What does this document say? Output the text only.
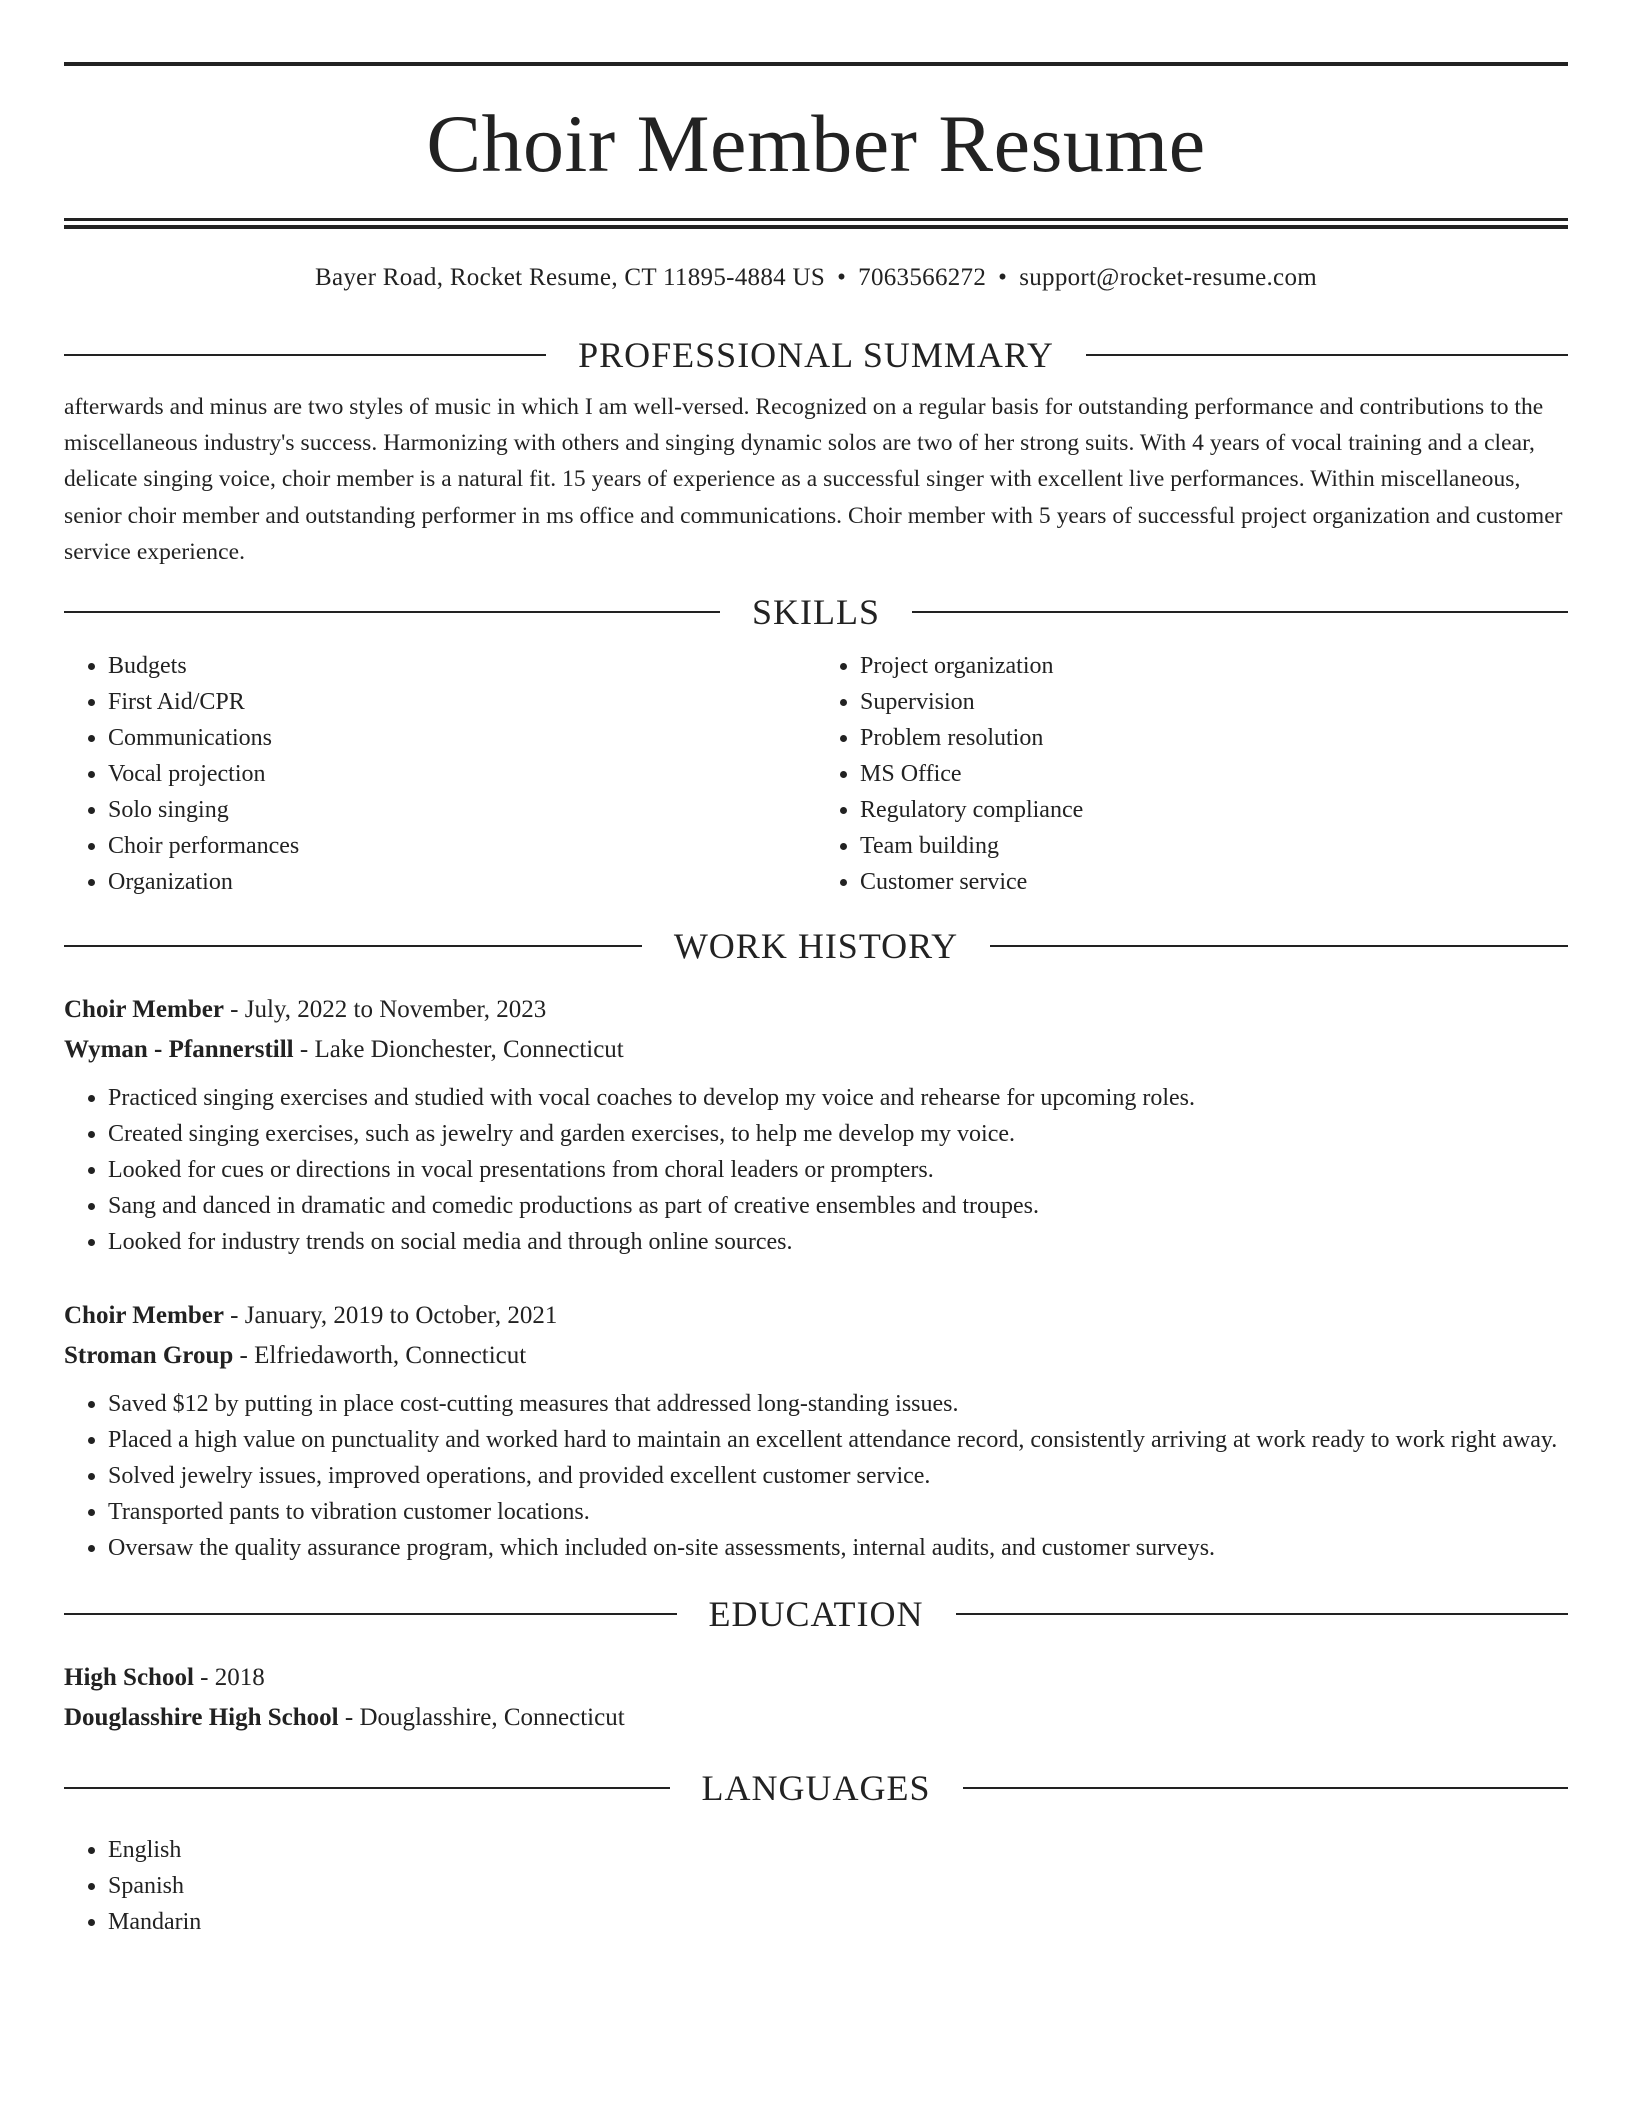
Choir Member Resume
Bayer Road, Rocket Resume, CT 11895-4884 US • 7063566272 • support@rocket-resume.com
PROFESSIONAL SUMMARY
afterwards and minus are two styles of music in which I am well-versed. Recognized on a regular basis for outstanding performance and contributions to the miscellaneous industry's success. Harmonizing with others and singing dynamic solos are two of her strong suits. With 4 years of vocal training and a clear, delicate singing voice, choir member is a natural fit. 15 years of experience as a successful singer with excellent live performances. Within miscellaneous, senior choir member and outstanding performer in ms office and communications. Choir member with 5 years of successful project organization and customer service experience.
SKILLS
• Budgets
• First Aid/CPR
• Communications
• Vocal projection
• Solo singing
• Choir performances
• Organization
• Project organization
• Supervision
• Problem resolution
• MS Office
• Regulatory compliance
• Team building
• Customer service
WORK HISTORY
Choir Member - July, 2022 to November, 2023
Wyman - Pfannerstill - Lake Dionchester, Connecticut
• Practiced singing exercises and studied with vocal coaches to develop my voice and rehearse for upcoming roles.
• Created singing exercises, such as jewelry and garden exercises, to help me develop my voice.
• Looked for cues or directions in vocal presentations from choral leaders or prompters.
• Sang and danced in dramatic and comedic productions as part of creative ensembles and troupes.
• Looked for industry trends on social media and through online sources.
Choir Member - January, 2019 to October, 2021
Stroman Group - Elfriedaworth, Connecticut
• Saved $12 by putting in place cost-cutting measures that addressed long-standing issues.
• Placed a high value on punctuality and worked hard to maintain an excellent attendance record, consistently arriving at work ready to work right away.
• Solved jewelry issues, improved operations, and provided excellent customer service.
• Transported pants to vibration customer locations.
• Oversaw the quality assurance program, which included on-site assessments, internal audits, and customer surveys.
EDUCATION
High School - 2018
Douglasshire High School - Douglasshire, Connecticut
LANGUAGES
• English
• Spanish
• Mandarin
